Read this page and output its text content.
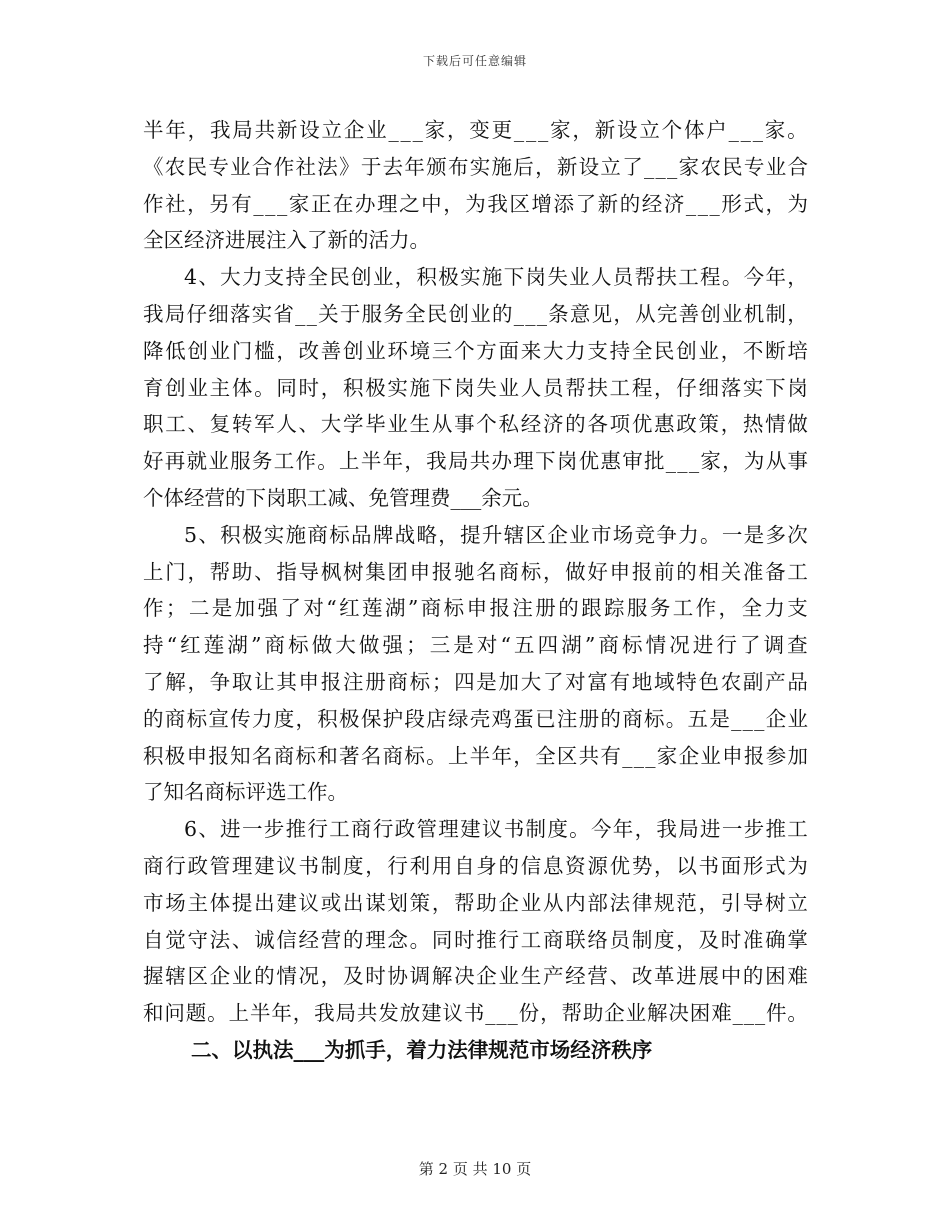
下载后可任意编辑
半 年 ， 我 局 共 新 设 立 企 业 _ _ _ 家 ， 变 更 _ _ _ 家 ， 新 设 立 个 体 户 _ _ _ 家 。
《 农 民 专 业 合 作 社 法 》 于 去 年 颁 布 实 施 后 ， 新 设 立 了 _ _ _ 家 农 民 专 业 合
作 社 ， 另 有 _ _ _ 家 正 在 办 理 之 中 ， 为 我 区 增 添 了 新 的 经 济 _ _ _ 形 式 ， 为
全区经济进展注入了新的活力。
4 、 大 力 支 持 全 民 创 业 ， 积 极 实 施 下 岗 失 业 人 员 帮 扶 工 程 。 今 年 ，
我 局 仔 细 落 实 省 _ _ 关 于 服 务 全 民 创 业 的 _ _ _ 条 意 见 ， 从 完 善 创 业 机 制 ，
降 低 创 业 门 槛 ， 改 善 创 业 环 境 三 个 方 面 来 大 力 支 持 全 民 创 业 ， 不 断 培
育 创 业 主 体 。 同 时 ， 积 极 实 施 下 岗 失 业 人 员 帮 扶 工 程 ， 仔 细 落 实 下 岗
职 工 、 复 转 军 人 、 大 学 毕 业 生 从 事 个 私 经 济 的 各 项 优 惠 政 策 ， 热 情 做
好 再 就 业 服 务 工 作 。 上 半 年 ， 我 局 共 办 理 下 岗 优 惠 审 批 _ _ _ 家 ， 为 从 事
个体经营的下岗职工减、免管理费___余元。
5 、 积 极 实 施 商 标 品 牌 战 略 ， 提 升 辖 区 企 业 市 场 竞 争 力 。 一 是 多 次
上 门 ， 帮 助 、 指 导 枫 树 集 团 申 报 驰 名 商 标 ， 做 好 申 报 前 的 相 关 准 备 工
作 ； 二 是 加 强 了 对 “ 红 莲 湖 ” 商 标 申 报 注 册 的 跟 踪 服 务 工 作 ， 全 力 支
持 “ 红 莲 湖 ” 商 标 做 大 做 强 ； 三 是 对 “ 五 四 湖 ” 商 标 情 况 进 行 了 调 查
了 解 ， 争 取 让 其 申 报 注 册 商 标 ； 四 是 加 大 了 对 富 有 地 域 特 色 农 副 产 品
的 商 标 宣 传 力 度 ， 积 极 保 护 段 店 绿 壳 鸡 蛋 已 注 册 的 商 标 。 五 是 _ _ _ 企 业
积 极 申 报 知 名 商 标 和 著 名 商 标 。 上 半 年 ， 全 区 共 有 _ _ _ 家 企 业 申 报 参 加
了知名商标评选工作。
6 、 进 一 步 推 行 工 商 行 政 管 理 建 议 书 制 度 。 今 年 ， 我 局 进 一 步 推 工
商 行 政 管 理 建 议 书 制 度 ， 行 利 用 自 身 的 信 息 资 源 优 势 ， 以 书 面 形 式 为
市 场 主 体 提 出 建 议 或 出 谋 划 策 ， 帮 助 企 业 从 内 部 法 律 规 范 ， 引 导 树 立
自 觉 守 法 、 诚 信 经 营 的 理 念 。 同 时 推 行 工 商 联 络 员 制 度 ， 及 时 准 确 掌
握 辖 区 企 业 的 情 况 ， 及 时 协 调 解 决 企 业 生 产 经 营 、 改 革 进 展 中 的 困 难
和 问 题 。 上 半 年 ， 我 局 共 发 放 建 议 书 _ _ _ 份 ， 帮 助 企 业 解 决 困 难 _ _ _ 件 。
二、以执法___为抓手，着力法律规范市场经济秩序
第 2 页 共 10 页
